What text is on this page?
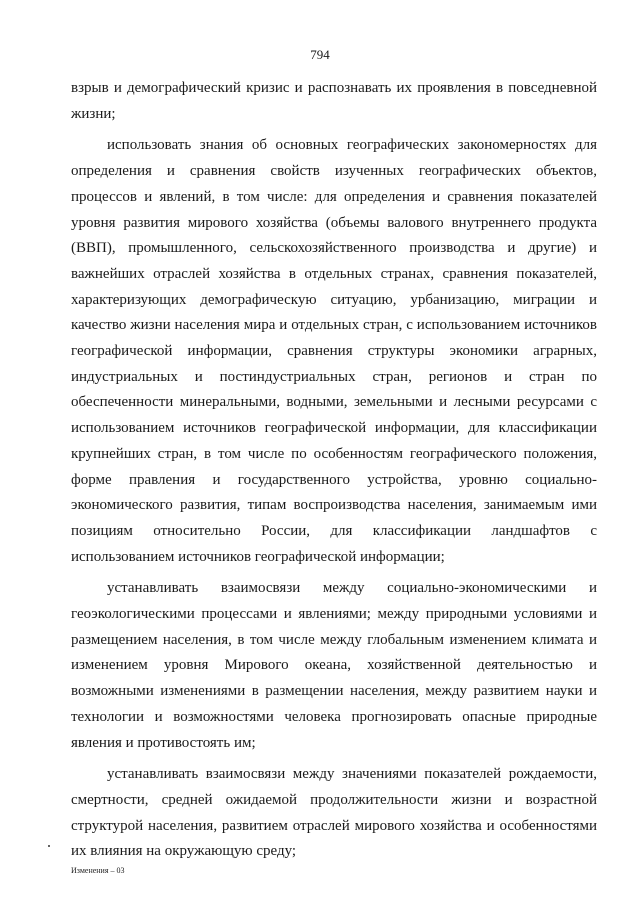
794

взрыв и демографический кризис и распознавать их проявления в повседневной жизни;

использовать знания об основных географических закономерностях для определения и сравнения свойств изученных географических объектов, процессов и явлений, в том числе: для определения и сравнения показателей уровня развития мирового хозяйства (объемы валового внутреннего продукта (ВВП), промышленного, сельскохозяйственного производства и другие) и важнейших отраслей хозяйства в отдельных странах, сравнения показателей, характеризующих демографическую ситуацию, урбанизацию, миграции и качество жизни населения мира и отдельных стран, с использованием источников географической информации, сравнения структуры экономики аграрных, индустриальных и постиндустриальных стран, регионов и стран по обеспеченности минеральными, водными, земельными и лесными ресурсами с использованием источников географической информации, для классификации крупнейших стран, в том числе по особенностям географического положения, форме правления и государственного устройства, уровню социально-экономического развития, типам воспроизводства населения, занимаемым ими позициям относительно России, для классификации ландшафтов с использованием источников географической информации;

устанавливать взаимосвязи между социально-экономическими и геоэкологическими процессами и явлениями; между природными условиями и размещением населения, в том числе между глобальным изменением климата и изменением уровня Мирового океана, хозяйственной деятельностью и возможными изменениями в размещении населения, между развитием науки и технологии и возможностями человека прогнозировать опасные природные явления и противостоять им;

устанавливать взаимосвязи между значениями показателей рождаемости, смертности, средней ожидаемой продолжительности жизни и возрастной структурой населения, развитием отраслей мирового хозяйства и особенностями их влияния на окружающую среду;

Изменения – 03
